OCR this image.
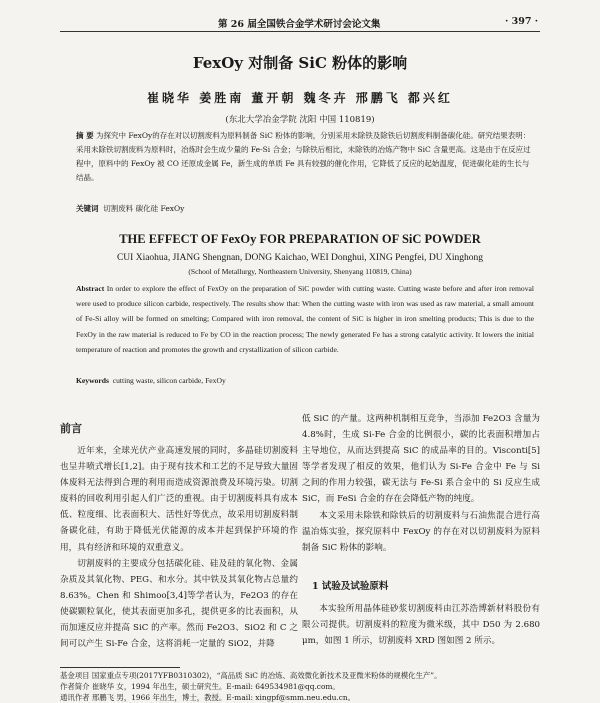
第 26 届全国铁合金学术研讨会论文集	· 397 ·
FexOy 对制备 SiC 粉体的影响
崔晓华 姜胜南 董开朝 魏冬卉 邢鹏飞 都兴红
(东北大学冶金学院 沈阳 中国 110819)
摘 要 为探究中 FexOy的存在对以切割废料为原料制备 SiC 粉体的影响，分别采用未除铁及除铁后切割废料制备碳化硅。研究结果表明：采用未除铁切割废料为原料时，冶炼时会生成少量的 Fe-Si 合金；与除铁后相比，未除铁的冶炼产物中 SiC 含量更高。这是由于在反应过程中，原料中的 FexOy 被 CO 还原成金属 Fe，新生成的单质 Fe 具有较强的催化作用，它降低了反应的起始温度，促进碳化硅的生长与结晶。
关键词 切割废料 碳化硅 FexOy
THE EFFECT OF FexOy FOR PREPARATION OF SiC POWDER
CUI Xiaohua, JIANG Shengnan, DONG Kaichao, WEI Donghui, XING Pengfei, DU Xinghong
(School of Metallurgy, Northeastern University, Shenyang 110819, China)
Abstract In order to explore the effect of FexOy on the preparation of SiC powder with cutting waste. Cutting waste before and after iron removal were used to produce silicon carbide, respectively. The results show that: When the cutting waste with iron was used as raw material, a small amount of Fe-Si alloy will be formed on smelting; Compared with iron removal, the content of SiC is higher in iron smelting products; This is due to the FexOy in the raw material is reduced to Fe by CO in the reaction process; The newly generated Fe has a strong catalytic activity. It lowers the initial temperature of reaction and promotes the growth and crystallization of silicon carbide.
Keywords cutting waste, silicon carbide, FexOy
前言

近年来，全球光伏产业高速发展的同时，多晶硅切割废料也呈井喷式增长[1,2]。由于现有技术和工艺的不足导致大量固体废料无法得到合理的利用而造成资源浪费及环境污染。切割废料的回收利用引起人们广泛的重视。由于切割废料具有成本低、粒度细、比表面积大、活性好等优点，故采用切割废料制备碳化硅，有助于降低光伏能源的成本并起到保护环境的作用，具有经济和环境的双重意义。

切割废料的主要成分包括碳化硅、硅及硅的氧化物、金属杂质及其氧化物、PEG、和水分。其中铁及其氧化物占总量约 8.63%。Chen 和 Shimoo[3,4]等学者认为，Fe2O3 的存在使碳颗粒氧化，使其表面更加多孔，提供更多的比表面积，从而加速反应并提高 SiC 的产率。然而 Fe2O3、SiO2 和 C 之间可以产生 Si-Fe 合金，这将消耗一定量的 SiO2，并降

低 SiC 的产量。这两种机制相互竞争，当添加 Fe2O3 含量为 4.8%时，生成 Si-Fe 合金的比例很小，碳的比表面积增加占主导地位，从而达到提高 SiC 的成品率的目的。Visconti[5]等学者发现了相反的效果，他们认为 Si-Fe 合金中 Fe 与 Si 之间的作用力较强，碳无法与 Fe-Si 系合金中的 Si 反应生成 SiC，而 FeSi 合金的存在会降低产物的纯度。

本文采用未除铁和除铁后的切割废料与石油焦混合进行高温冶炼实验，探究原料中 FexOy 的存在对以切割废料为原料制备 SiC 粉体的影响。

1 试验及试验原料
本实验所用晶体硅砂浆切割废料由江苏浩博新材料股份有限公司提供。切割废料的粒度为微米级，其中 D50 为 2.680 μm，如图 1 所示，切割废料 XRD 图如图 2 所示。
基金项目 国家重点专项(2017YFB0310302)，“高品质 SiC 的冶炼、高效微化新技术及亚微米粉体的规模化生产”。
作者简介 崔晓华 女，1994 年出生，硕士研究生。E-mail: 649534981@qq.com。
通讯作者 邢鹏飞 男，1966 年出生，博士，教授。E-mail: xingpf@smm.neu.edu.cn。
